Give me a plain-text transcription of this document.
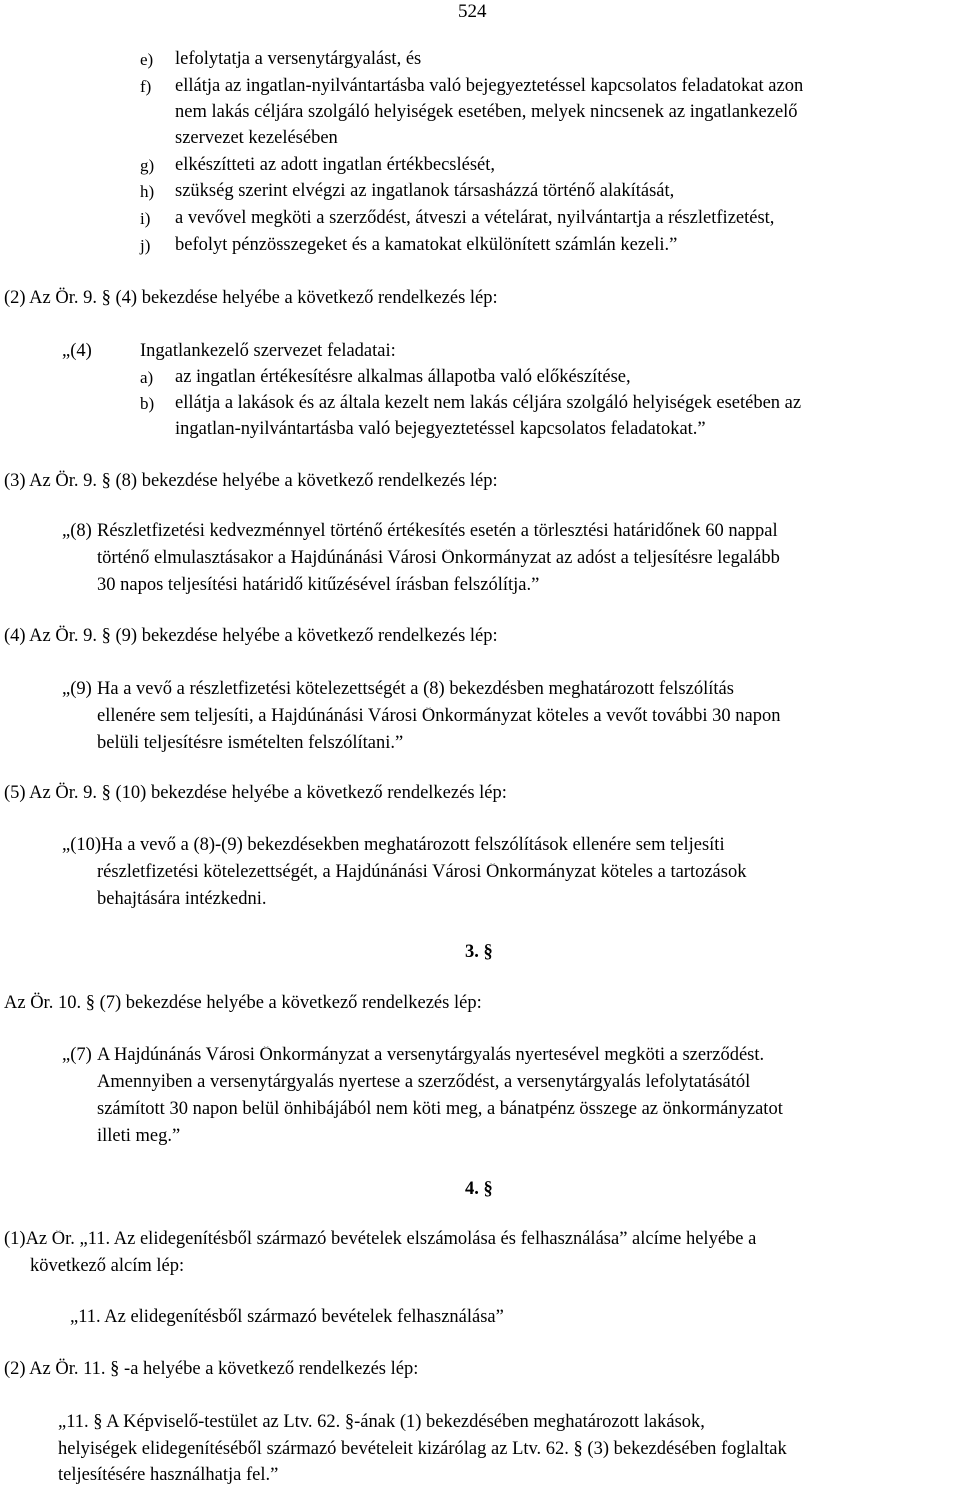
524
e) lefolytatja a versenytárgyalást, és
f) ellátja az ingatlan-nyilvántartásba való bejegyeztetéssel kapcsolatos feladatokat azon
nem lakás céljára szolgáló helyiségek esetében, melyek nincsenek az ingatlankezelő
szervezet kezelésében
g) elkészítteti az adott ingatlan értékbecslését,
h) szükség szerint elvégzi az ingatlanok társasházzá történő alakítását,
i) a vevővel megköti a szerződést, átveszi a vételárat, nyilvántartja a részletfizetést,
j) befolyt pénzösszegeket és a kamatokat elkülönített számlán kezeli.”
(2) Az Ör. 9. § (4) bekezdése helyébe a következő rendelkezés lép:
„(4)	Ingatlankezelő szervezet feladatai:
a) az ingatlan értékesítésre alkalmas állapotba való előkészítése,
b) ellátja a lakások és az általa kezelt nem lakás céljára szolgáló helyiségek esetében az
ingatlan-nyilvántartásba való bejegyeztetéssel kapcsolatos feladatokat.”
(3) Az Ör. 9. § (8) bekezdése helyébe a következő rendelkezés lép:
„(8) Részletfizetési kedvezménnyel történő értékesítés esetén a törlesztési határidőnek 60 nappal
történő elmulasztásakor a Hajdúnánási Városi Önkormányzat az adóst a teljesítésre legalább
30 napos teljesítési határidő kitűzésével írásban felszólítja.”
(4) Az Ör. 9. § (9) bekezdése helyébe a következő rendelkezés lép:
„(9) Ha a vevő a részletfizetési kötelezettségét a (8) bekezdésben meghatározott felszólítás
ellenére sem teljesíti, a Hajdúnánási Városi Önkormányzat köteles a vevőt további 30 napon
belüli teljesítésre ismételten felszólítani.”
(5) Az Ör. 9. § (10) bekezdése helyébe a következő rendelkezés lép:
„(10) Ha a vevő a (8)-(9) bekezdésekben meghatározott felszólítások ellenére sem teljesíti
részletfizetési kötelezettségét, a Hajdúnánási Városi Önkormányzat köteles a tartozások
behajtására intézkedni.
3. §
Az Ör. 10. § (7) bekezdése helyébe a következő rendelkezés lép:
„(7) A Hajdúnánás Városi Önkormányzat a versenytárgyalás nyertesével megköti a szerződést.
Amennyiben a versenytárgyalás nyertese a szerződést, a versenytárgyalás lefolytatásától
számított 30 napon belül önhibájából nem köti meg, a bánatpénz összege az önkormányzatot
illeti meg.”
4. §
(1)Az Ör. „11. Az elidegenítésből származó bevételek elszámolása és felhasználása” alcíme helyébe a
következő alcím lép:
„11. Az elidegenítésből származó bevételek felhasználása”
(2) Az Ör. 11. § -a helyébe a következő rendelkezés lép:
„11. § A Képviselő-testület az Ltv. 62. §-ának (1) bekezdésében meghatározott lakások,
helyiségek elidegenítéséből származó bevételeit kizárólag az Ltv. 62. § (3) bekezdésében foglaltak
teljesítésére használhatja fel.”
